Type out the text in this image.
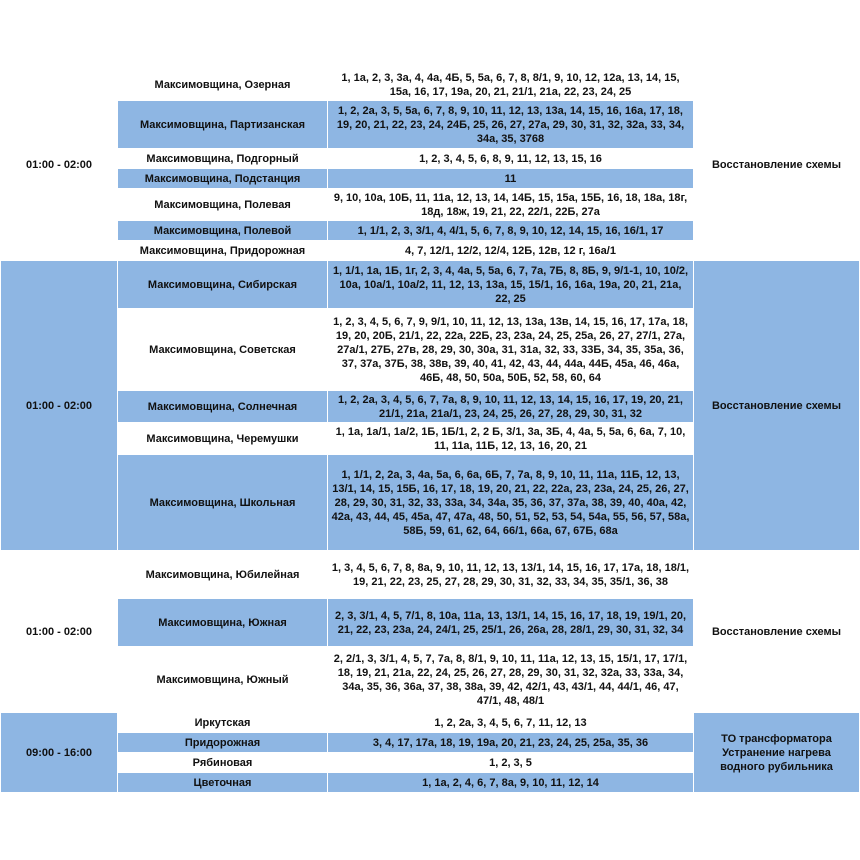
01:00 - 02:00	Максимовщина, Озерная	1, 1а, 2, 3, 3а, 4, 4а, 4Б, 5, 5а, 6, 7, 8, 8/1, 9, 10, 12, 12а, 13, 14, 15, 15а, 16, 17, 19а, 20, 21, 21/1, 21а, 22, 23, 24, 25	Восстановление схемы

	Максимовщина, Партизанская	1, 2, 2а, 3, 5, 5а, 6, 7, 8, 9, 10, 11, 12, 13, 13а, 14, 15, 16, 16а, 17, 18, 19, 20, 21, 22, 23, 24, 24Б, 25, 26, 27, 27а, 29, 30, 31, 32, 32а, 33, 34, 34а, 35, 3768	
	Максимовщина, Подгорный	1, 2, 3, 4, 5, 6, 8, 9, 11, 12, 13, 15, 16	
	Максимовщина, Подстанция	11	
	Максимовщина, Полевая	9, 10, 10а, 10Б, 11, 11а, 12, 13, 14, 14Б, 15, 15а, 15Б, 16, 18, 18а, 18г, 18д, 18ж, 19, 21, 22, 22/1, 22Б, 27а	
	Максимовщина, Полевой	1, 1/1, 2, 3, 3/1, 4, 4/1, 5, 6, 7, 8, 9, 10, 12, 14, 15, 16, 16/1, 17	
	Максимовщина, Придорожная	4, 7, 12/1, 12/2, 12/4, 12Б, 12в, 12 г, 16а/1	
01:00 - 02:00	Максимовщина, Сибирская	1, 1/1, 1а, 1Б, 1г, 2, 3, 4, 4а, 5, 5а, 6, 7, 7а, 7Б, 8, 8Б, 9, 9/1-1, 10, 10/2, 10а, 10а/1, 10а/2, 11, 12, 13, 13а, 15, 15/1, 16, 16а, 19а, 20, 21, 21а, 22, 25	Восстановление схемы

	Максимовщина, Советская	1, 2, 3, 4, 5, 6, 7, 9, 9/1, 10, 11, 12, 13, 13а, 13в, 14, 15, 16, 17, 17а, 18, 19, 20, 20Б, 21/1, 22, 22а, 22Б, 23, 23а, 24, 25, 25а, 26, 27, 27/1, 27а, 27а/1, 27Б, 27в, 28, 29, 30, 30а, 31, 31а, 32, 33, 33Б, 34, 35, 35а, 36, 37, 37а, 37Б, 38, 38в, 39, 40, 41, 42, 43, 44, 44а, 44Б, 45а, 46, 46а, 46Б, 48, 50, 50а, 50Б, 52, 58, 60, 64	
	Максимовщина, Солнечная	1, 2, 2а, 3, 4, 5, 6, 7, 7а, 8, 9, 10, 11, 12, 13, 14, 15, 16, 17, 19, 20, 21, 21/1, 21а, 21а/1, 23, 24, 25, 26, 27, 28, 29, 30, 31, 32	
	Максимовщина, Черемушки	1, 1а, 1а/1, 1а/2, 1Б, 1Б/1, 2, 2 Б, 3/1, 3а, 3Б, 4, 4а, 5, 5а, 6, 6а, 7, 10, 11, 11а, 11Б, 12, 13, 16, 20, 21	
	Максимовщина, Школьная	1, 1/1, 2, 2а, 3, 4а, 5а, 6, 6а, 6Б, 7, 7а, 8, 9, 10, 11, 11а, 11Б, 12, 13, 13/1, 14, 15, 15Б, 16, 17, 18, 19, 20, 21, 22, 22а, 23, 23а, 24, 25, 26, 27, 28, 29, 30, 31, 32, 33, 33а, 34, 34а, 35, 36, 37, 37а, 38, 39, 40, 40а, 42, 42а, 43, 44, 45, 45а, 47, 47а, 48, 50, 51, 52, 53, 54, 54а, 55, 56, 57, 58а, 58Б, 59, 61, 62, 64, 66/1, 66а, 67, 67Б, 68а	
01:00 - 02:00	Максимовщина, Юбилейная	1, 3, 4, 5, 6, 7, 8, 8а, 9, 10, 11, 12, 13, 13/1, 14, 15, 16, 17, 17а, 18, 18/1, 19, 21, 22, 23, 25, 27, 28, 29, 30, 31, 32, 33, 34, 35, 35/1, 36, 38	Восстановление схемы

	Максимовщина, Южная	2, 3, 3/1, 4, 5, 7/1, 8, 10а, 11а, 13, 13/1, 14, 15, 16, 17, 18, 19, 19/1, 20, 21, 22, 23, 23а, 24, 24/1, 25, 25/1, 26, 26а, 28, 28/1, 29, 30, 31, 32, 34	
	Максимовщина, Южный	2, 2/1, 3, 3/1, 4, 5, 7, 7а, 8, 8/1, 9, 10, 11, 11а, 12, 13, 15, 15/1, 17, 17/1, 18, 19, 21, 21а, 22, 24, 25, 26, 27, 28, 29, 30, 31, 32, 32а, 33, 33а, 34, 34а, 35, 36, 36а, 37, 38, 38а, 39, 42, 42/1, 43, 43/1, 44, 44/1, 46, 47, 47/1, 48, 48/1	
09:00 - 16:00	Иркутская	1, 2, 2а, 3, 4, 5, 6, 7, 11, 12, 13	ТО трансформатора
Устранение нагрева
водного рубильника

	Придорожная	3, 4, 17, 17а, 18, 19, 19а, 20, 21, 23, 24, 25, 25а, 35, 36	
	Рябиновая	1, 2, 3, 5	
	Цветочная	1, 1а, 2, 4, 6, 7, 8а, 9, 10, 11, 12, 14	
